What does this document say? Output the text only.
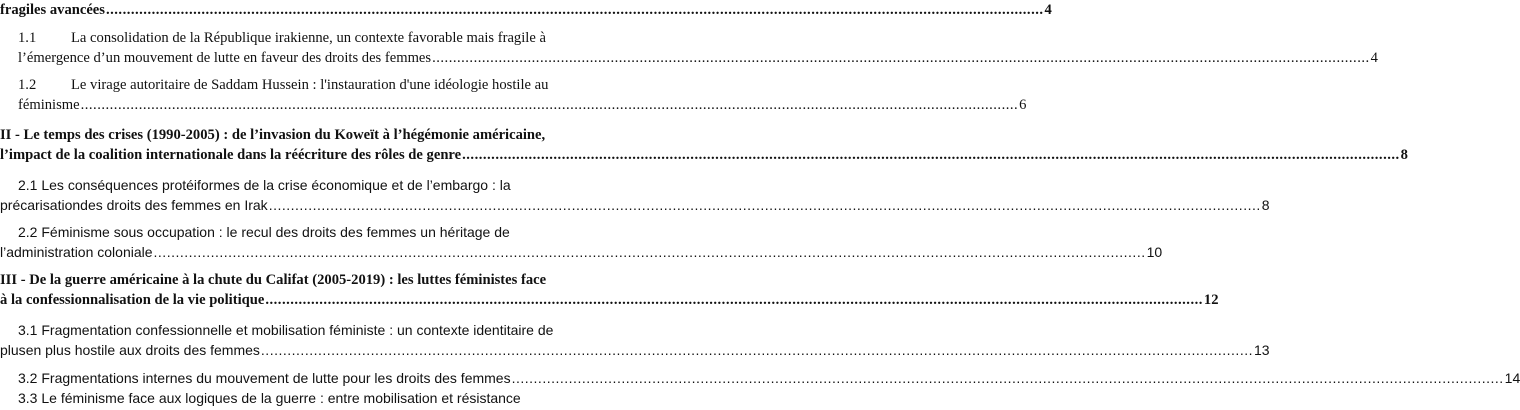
fragiles avancées .....	4
1.1	La consolidation de la République irakienne, un contexte favorable mais fragile à
l’émergence d’un mouvement de lutte en faveur des droits des femmes .....	4
1.2	Le virage autoritaire de Saddam Hussein : l'instauration d'une idéologie hostile au
féminisme .....	6
II - Le temps des crises (1990-2005) : de l’invasion du Koweït à l’hégémonie américaine,
l’impact de la coalition internationale dans la réécriture des rôles de genre .....	8
2.1 Les conséquences protéiformes de la crise économique et de l’embargo : la
précarisation des droits des femmes en Irak .....	8
2.2 Féminisme sous occupation : le recul des droits des femmes un héritage de
l’administration coloniale .....	10
III - De la guerre américaine à la chute du Califat (2005-2019) : les luttes féministes face
à la confessionnalisation de la vie politique .....	12
3.1 Fragmentation confessionnelle et mobilisation féministe : un contexte identitaire de
plus en plus hostile aux droits des femmes .....	13
3.2 Fragmentations internes du mouvement de lutte pour les droits des femmes .....	14
3.3 Le féminisme face aux logiques de la guerre : entre mobilisation et résistance
